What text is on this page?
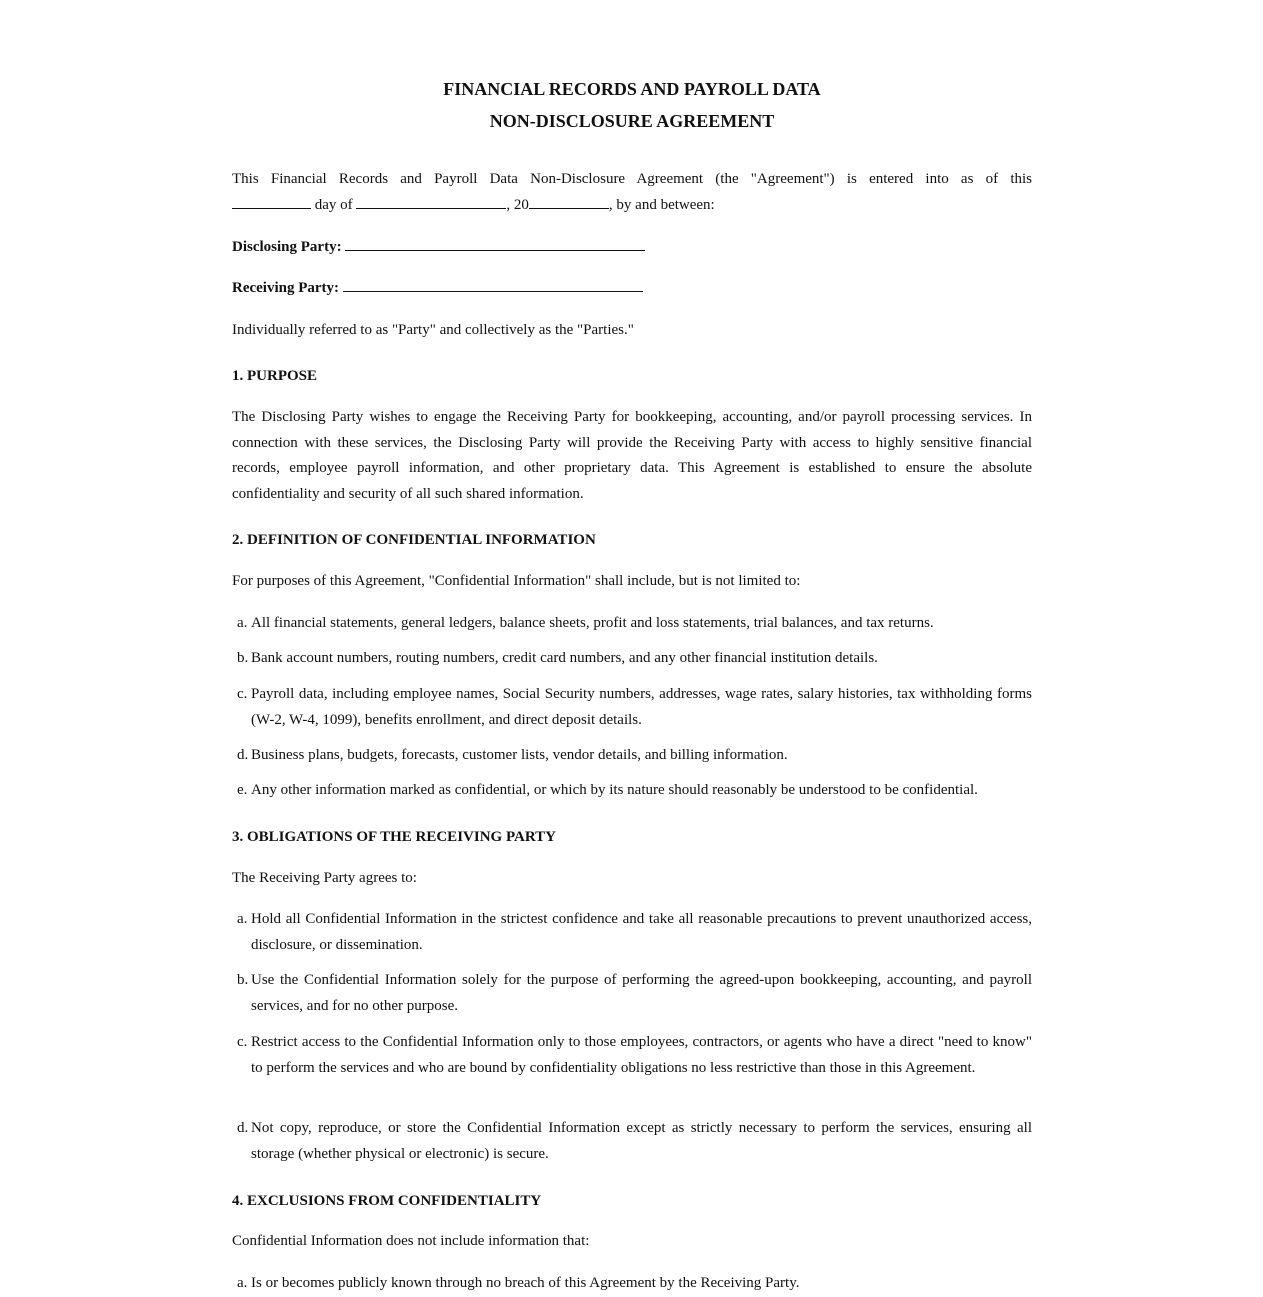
FINANCIAL RECORDS AND PAYROLL DATA

NON-DISCLOSURE AGREEMENT

This Financial Records and Payroll Data Non-Disclosure Agreement (the "Agreement") is entered into as of this

day of	, 20	, by and between:

Disclosing Party:

Receiving Party:

Individually referred to as "Party" and collectively as the "Parties."

1. PURPOSE

The Disclosing Party wishes to engage the Receiving Party for bookkeeping, accounting, and/or payroll processing services. In connection with these services, the Disclosing Party will provide the Receiving Party with access to highly sensitive financial records, employee payroll information, and other proprietary data. This Agreement is established to ensure the absolute confidentiality and security of all such shared information.

2. DEFINITION OF CONFIDENTIAL INFORMATION

For purposes of this Agreement, "Confidential Information" shall include, but is not limited to:

a. All financial statements, general ledgers, balance sheets, profit and loss statements, trial balances, and tax returns.
b. Bank account numbers, routing numbers, credit card numbers, and any other financial institution details.
c. Payroll data, including employee names, Social Security numbers, addresses, wage rates, salary histories, tax withholding forms (W-2, W-4, 1099), benefits enrollment, and direct deposit details.
d. Business plans, budgets, forecasts, customer lists, vendor details, and billing information.
e. Any other information marked as confidential, or which by its nature should reasonably be understood to be confidential.

3. OBLIGATIONS OF THE RECEIVING PARTY

The Receiving Party agrees to:

a. Hold all Confidential Information in the strictest confidence and take all reasonable precautions to prevent unauthorized access, disclosure, or dissemination.
b. Use the Confidential Information solely for the purpose of performing the agreed-upon bookkeeping, accounting, and payroll services, and for no other purpose.
c. Restrict access to the Confidential Information only to those employees, contractors, or agents who have a direct "need to know" to perform the services and who are bound by confidentiality obligations no less restrictive than those in this Agreement.
d. Not copy, reproduce, or store the Confidential Information except as strictly necessary to perform the services, ensuring all storage (whether physical or electronic) is secure.

4. EXCLUSIONS FROM CONFIDENTIALITY

Confidential Information does not include information that:

a. Is or becomes publicly known through no breach of this Agreement by the Receiving Party.
